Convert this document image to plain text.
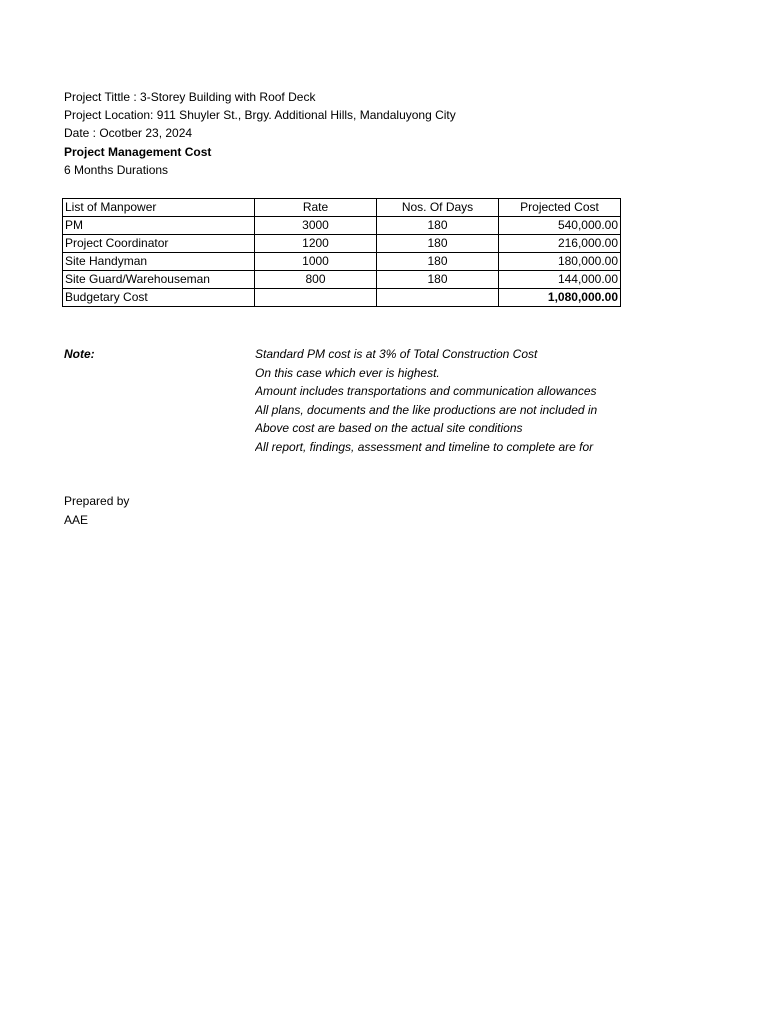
Project Tittle : 3-Storey Building with Roof Deck
Project Location: 911 Shuyler St., Brgy. Additional Hills, Mandaluyong City
Date : Ocotber 23, 2024
Project Management Cost
6 Months Durations
List of Manpower	Rate	Nos. Of Days	Projected Cost
PM	3000	180	540,000.00
Project Coordinator	1200	180	216,000.00
Site Handyman	1000	180	180,000.00
Site Guard/Warehouseman	800	180	144,000.00
Budgetary Cost			1,080,000.00
Note:	Standard PM cost is at 3% of Total Construction Cost
On this case which ever is highest.
Amount includes transportations and communication allowances
All plans, documents and the like productions are not included in
Above cost are based on the actual site conditions
All report, findings, assessment and timeline to complete are for
Prepared by
AAE
